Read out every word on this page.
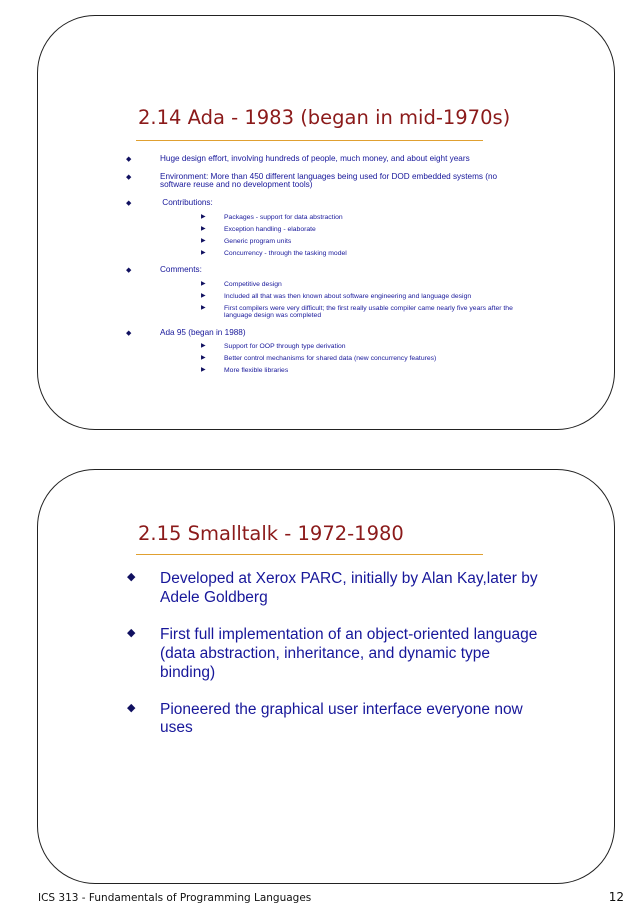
2.14 Ada - 1983 (began in mid-1970s)
◆	Huge design effort, involving hundreds of people, much money, and about eight years
◆	Environment: More than 450 different languages being used for DOD embedded systems (no software reuse and no development tools)
◆	Contributions:
▶	Packages - support for data abstraction
▶	Exception handling - elaborate
▶	Generic program units
▶	Concurrency - through the tasking model
◆	Comments:
▶	Competitive design
▶	Included all that was then known about software engineering and language design
▶	First compilers were very difficult; the first really usable compiler came nearly five years after the language design was completed
◆	Ada 95 (began in 1988)
▶	Support for OOP through type derivation
▶	Better control mechanisms for shared data (new concurrency features)
▶	More flexible libraries
2.15 Smalltalk - 1972-1980
◆ Developed at Xerox PARC, initially by Alan Kay,later by Adele Goldberg
◆ First full implementation of an object-oriented language (data abstraction, inheritance, and dynamic type binding)
◆ Pioneered the graphical user interface everyone now uses
ICS 313 - Fundamentals of Programming Languages	12
